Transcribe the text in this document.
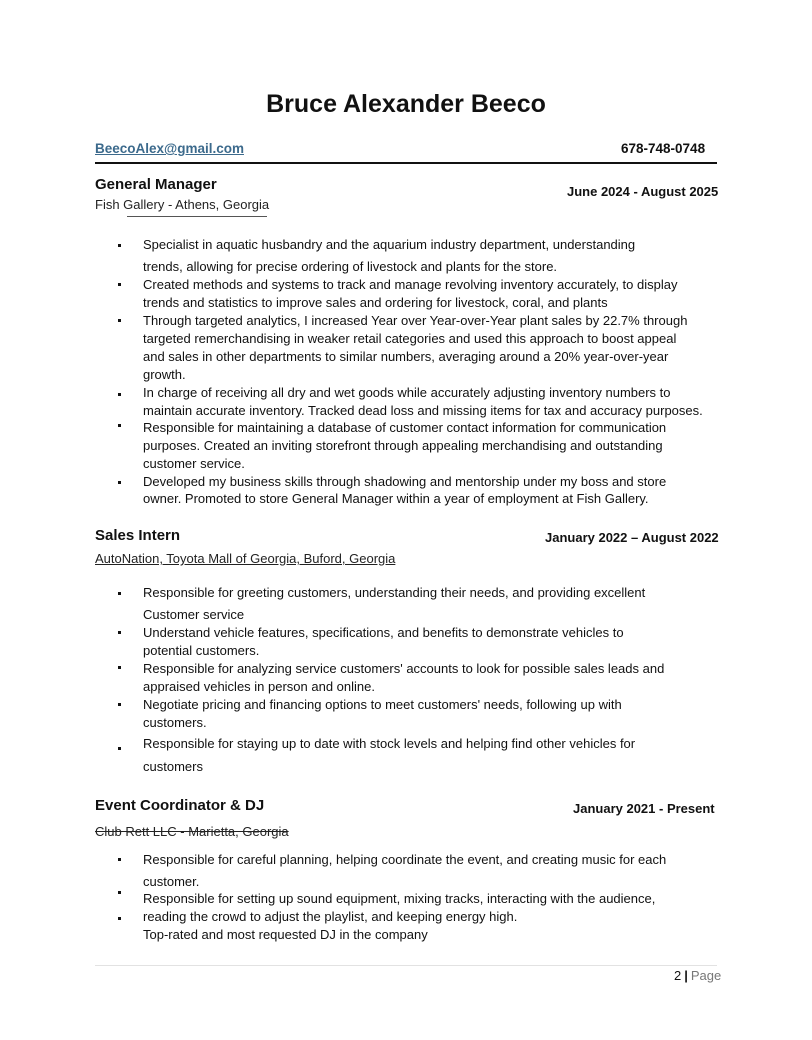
Bruce Alexander Beeco
BeecoAlex@gmail.com	678-748-0748
General Manager	June 2024 - August 2025
Fish Gallery - Athens, Georgia
Specialist in aquatic husbandry and the aquarium industry department, understanding
trends, allowing for precise ordering of livestock and plants for the store.
Created methods and systems to track and manage revolving inventory accurately, to display
trends and statistics to improve sales and ordering for livestock, coral, and plants
Through targeted analytics, I increased Year over Year-over-Year plant sales by 22.7% through
targeted remerchandising in weaker retail categories and used this approach to boost appeal
and sales in other departments to similar numbers, averaging around a 20% year-over-year
growth.
In charge of receiving all dry and wet goods while accurately adjusting inventory numbers to
maintain accurate inventory. Tracked dead loss and missing items for tax and accuracy purposes.
Responsible for maintaining a database of customer contact information for communication
purposes. Created an inviting storefront through appealing merchandising and outstanding
customer service.
Developed my business skills through shadowing and mentorship under my boss and store
owner. Promoted to store General Manager within a year of employment at Fish Gallery.
Sales Intern	January 2022 – August 2022
AutoNation, Toyota Mall of Georgia, Buford, Georgia
Responsible for greeting customers, understanding their needs, and providing excellent
Customer service
Understand vehicle features, specifications, and benefits to demonstrate vehicles to
potential customers.
Responsible for analyzing service customers' accounts to look for possible sales leads and
appraised vehicles in person and online.
Negotiate pricing and financing options to meet customers' needs, following up with
customers.
Responsible for staying up to date with stock levels and helping find other vehicles for
customers
Event Coordinator & DJ	January 2021 - Present
Club Rett LLC - Marietta, Georgia
Responsible for careful planning, helping coordinate the event, and creating music for each
customer.
Responsible for setting up sound equipment, mixing tracks, interacting with the audience,
reading the crowd to adjust the playlist, and keeping energy high.
Top-rated and most requested DJ in the company
2 | Page
